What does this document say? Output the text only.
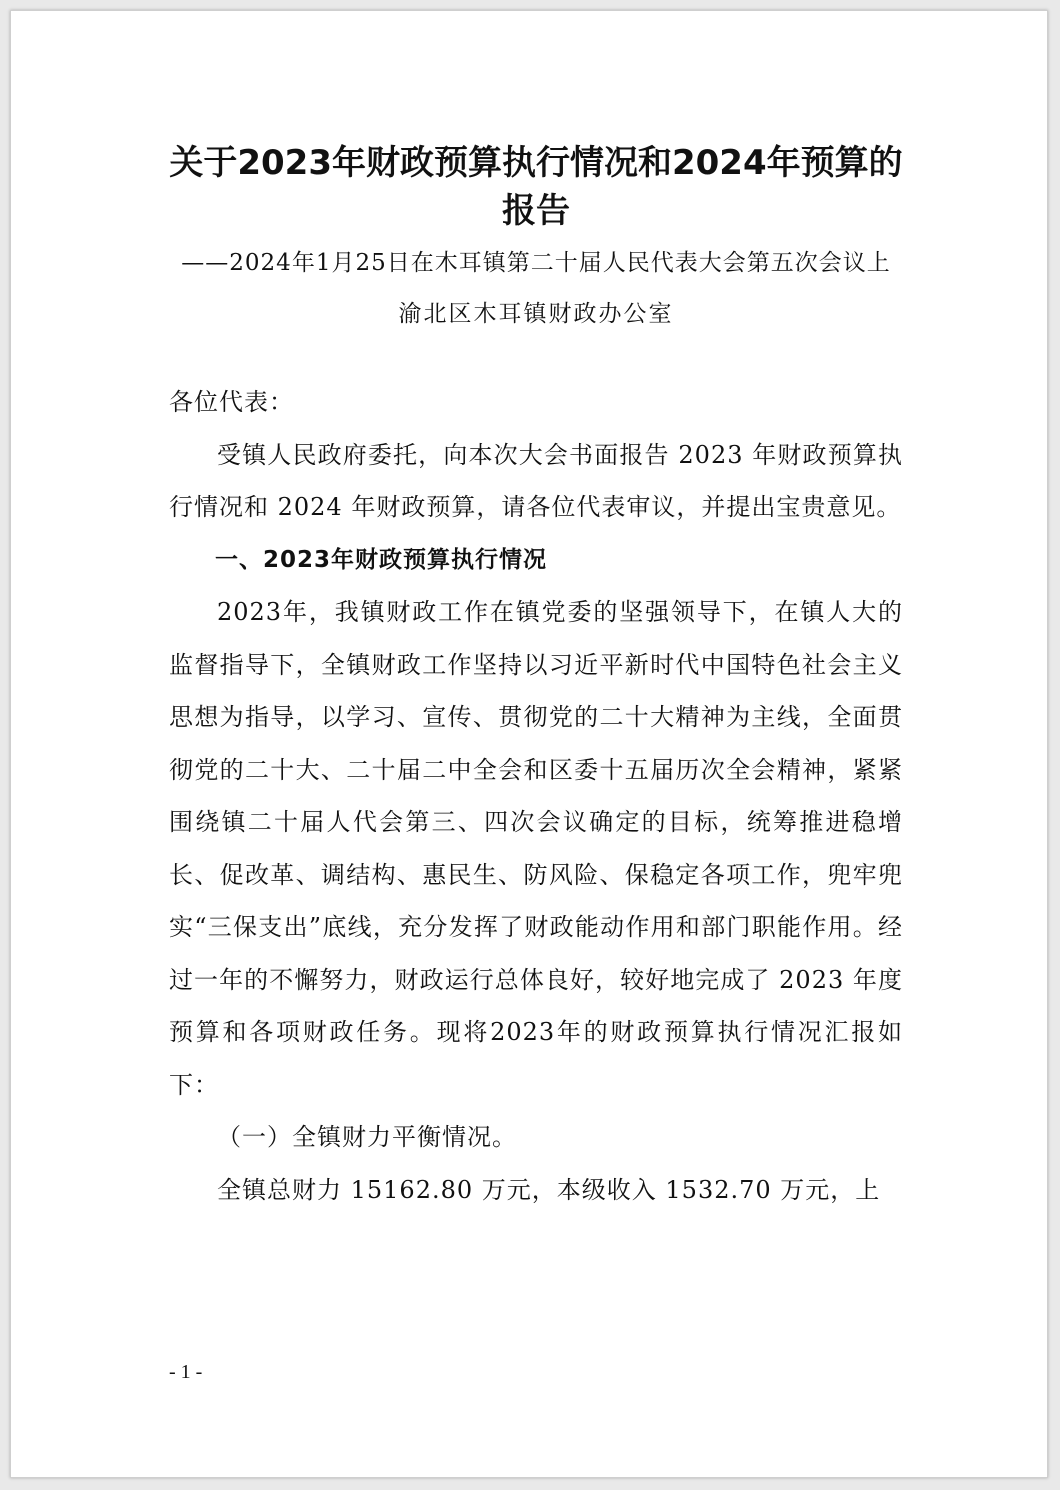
关于2023年财政预算执行情况和2024年预算的报告

——2024年1月25日在木耳镇第二十届人民代表大会第五次会议上

渝北区木耳镇财政办公室

各位代表：

受镇人民政府委托，向本次大会书面报告 2023 年财政预算执行情况和 2024 年财政预算，请各位代表审议，并提出宝贵意见。

一、2023年财政预算执行情况

2023年，我镇财政工作在镇党委的坚强领导下，在镇人大的监督指导下，全镇财政工作坚持以习近平新时代中国特色社会主义思想为指导，以学习、宣传、贯彻党的二十大精神为主线，全面贯彻党的二十大、二十届二中全会和区委十五届历次全会精神，紧紧围绕镇二十届人代会第三、四次会议确定的目标，统筹推进稳增长、促改革、调结构、惠民生、防风险、保稳定各项工作，兜牢兜实“三保支出”底线，充分发挥了财政能动作用和部门职能作用。经过一年的不懈努力，财政运行总体良好，较好地完成了 2023 年度预算和各项财政任务。现将2023年的财政预算执行情况汇报如下：

（一）全镇财力平衡情况。

全镇总财力 15162.80 万元，本级收入 1532.70 万元，上

- 1 -
